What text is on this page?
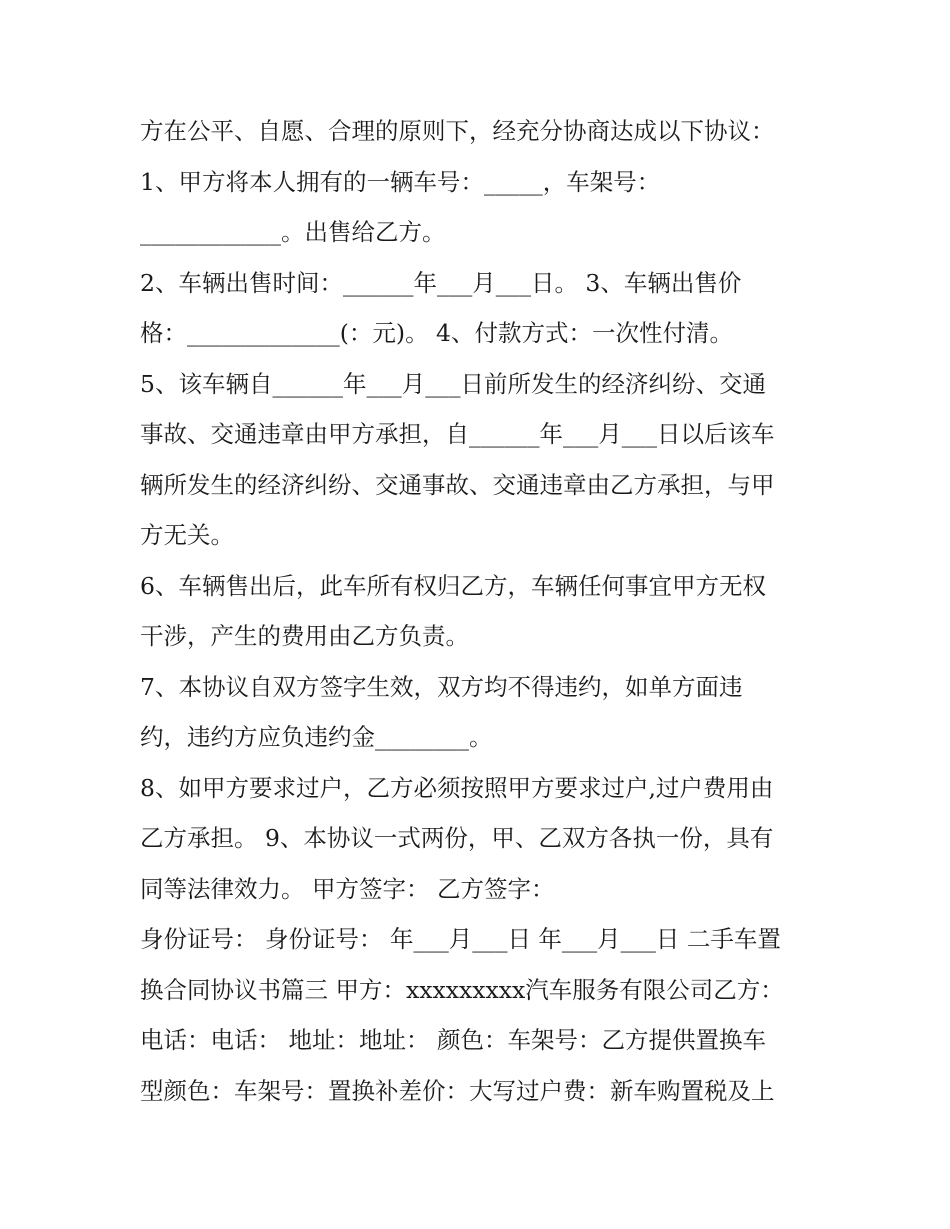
方在公平、自愿、合理的原则下，经充分协商达成以下协议：
1、甲方将本人拥有的一辆车号：_____，车架号：
____________。出售给乙方。
2、车辆出售时间：______年___月___日。 3、车辆出售价
格：_____________(：元)。 4、付款方式：一次性付清。
5、该车辆自______年___月___日前所发生的经济纠纷、交通
事故、交通违章由甲方承担，自______年___月___日以后该车
辆所发生的经济纠纷、交通事故、交通违章由乙方承担，与甲
方无关。
6、车辆售出后，此车所有权归乙方，车辆任何事宜甲方无权
干涉，产生的费用由乙方负责。
7、本协议自双方签字生效，双方均不得违约，如单方面违
约，违约方应负违约金________。
8、如甲方要求过户，乙方必须按照甲方要求过户,过户费用由
乙方承担。 9、本协议一式两份，甲、乙双方各执一份，具有
同等法律效力。 甲方签字： 乙方签字：
身份证号： 身份证号： 年___月___日 年___月___日 二手车置
换合同协议书篇三 甲方：xxxxxxxxx汽车服务有限公司乙方：
电话：电话： 地址：地址： 颜色：车架号：乙方提供置换车
型颜色：车架号：置换补差价：大写过户费：新车购置税及上
